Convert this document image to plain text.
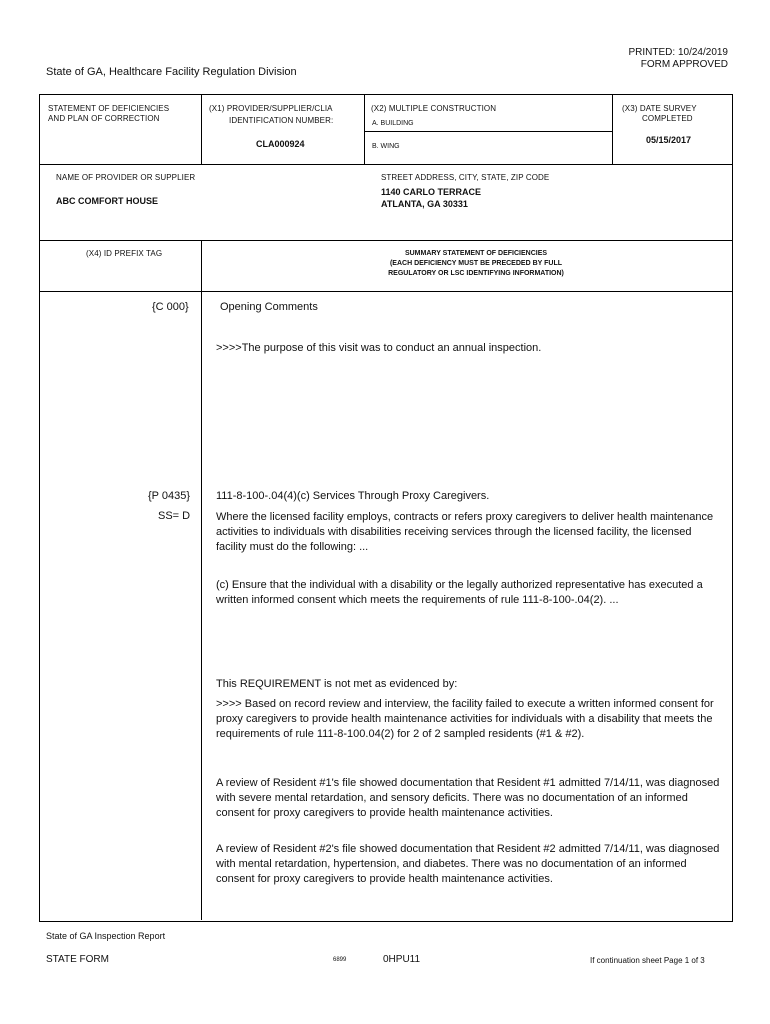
PRINTED: 10/24/2019
FORM APPROVED
State of GA, Healthcare Facility Regulation Division
STATEMENT OF DEFICIENCIES
AND PLAN OF CORRECTION
(X1) PROVIDER/SUPPLIER/CLIA
IDENTIFICATION NUMBER:
CLA000924
(X2) MULTIPLE CONSTRUCTION
A. BUILDING
B. WING
(X3) DATE SURVEY
COMPLETED
05/15/2017
NAME OF PROVIDER OR SUPPLIER
ABC COMFORT HOUSE
STREET ADDRESS, CITY, STATE, ZIP CODE
1140 CARLO TERRACE
ATLANTA, GA 30331
(X4) ID PREFIX TAG	SUMMARY STATEMENT OF DEFICIENCIES
(EACH DEFICIENCY MUST BE PRECEDED BY FULL
REGULATORY OR LSC IDENTIFYING INFORMATION)
{C 000}	Opening Comments
>>>>The purpose of this visit was to conduct an annual inspection.
{P 0435}
SS= D
111-8-100-.04(4)(c) Services Through Proxy Caregivers.
Where the licensed facility employs, contracts or refers proxy caregivers to deliver health maintenance activities to individuals with disabilities receiving services through the licensed facility, the licensed facility must do the following: ...
(c) Ensure that the individual with a disability or the legally authorized representative has executed a written informed consent which meets the requirements of rule 111-8-100-.04(2). ...
This REQUIREMENT is not met as evidenced by:
>>>> Based on record review and interview, the facility failed to execute a written informed consent for proxy caregivers to provide health maintenance activities for individuals with a disability that meets the requirements of rule 111-8-100.04(2) for 2 of 2 sampled residents (#1 & #2).
A review of Resident #1's file showed documentation that Resident #1 admitted 7/14/11, was diagnosed with severe mental retardation, and sensory deficits. There was no documentation of an informed consent for proxy caregivers to provide health maintenance activities.
A review of Resident #2's file showed documentation that Resident #2 admitted 7/14/11, was diagnosed with mental retardation, hypertension, and diabetes. There was no documentation of an informed consent for proxy caregivers to provide health maintenance activities.
State of GA Inspection Report
STATE FORM	6899	0HPU11	If continuation sheet Page 1 of 3
